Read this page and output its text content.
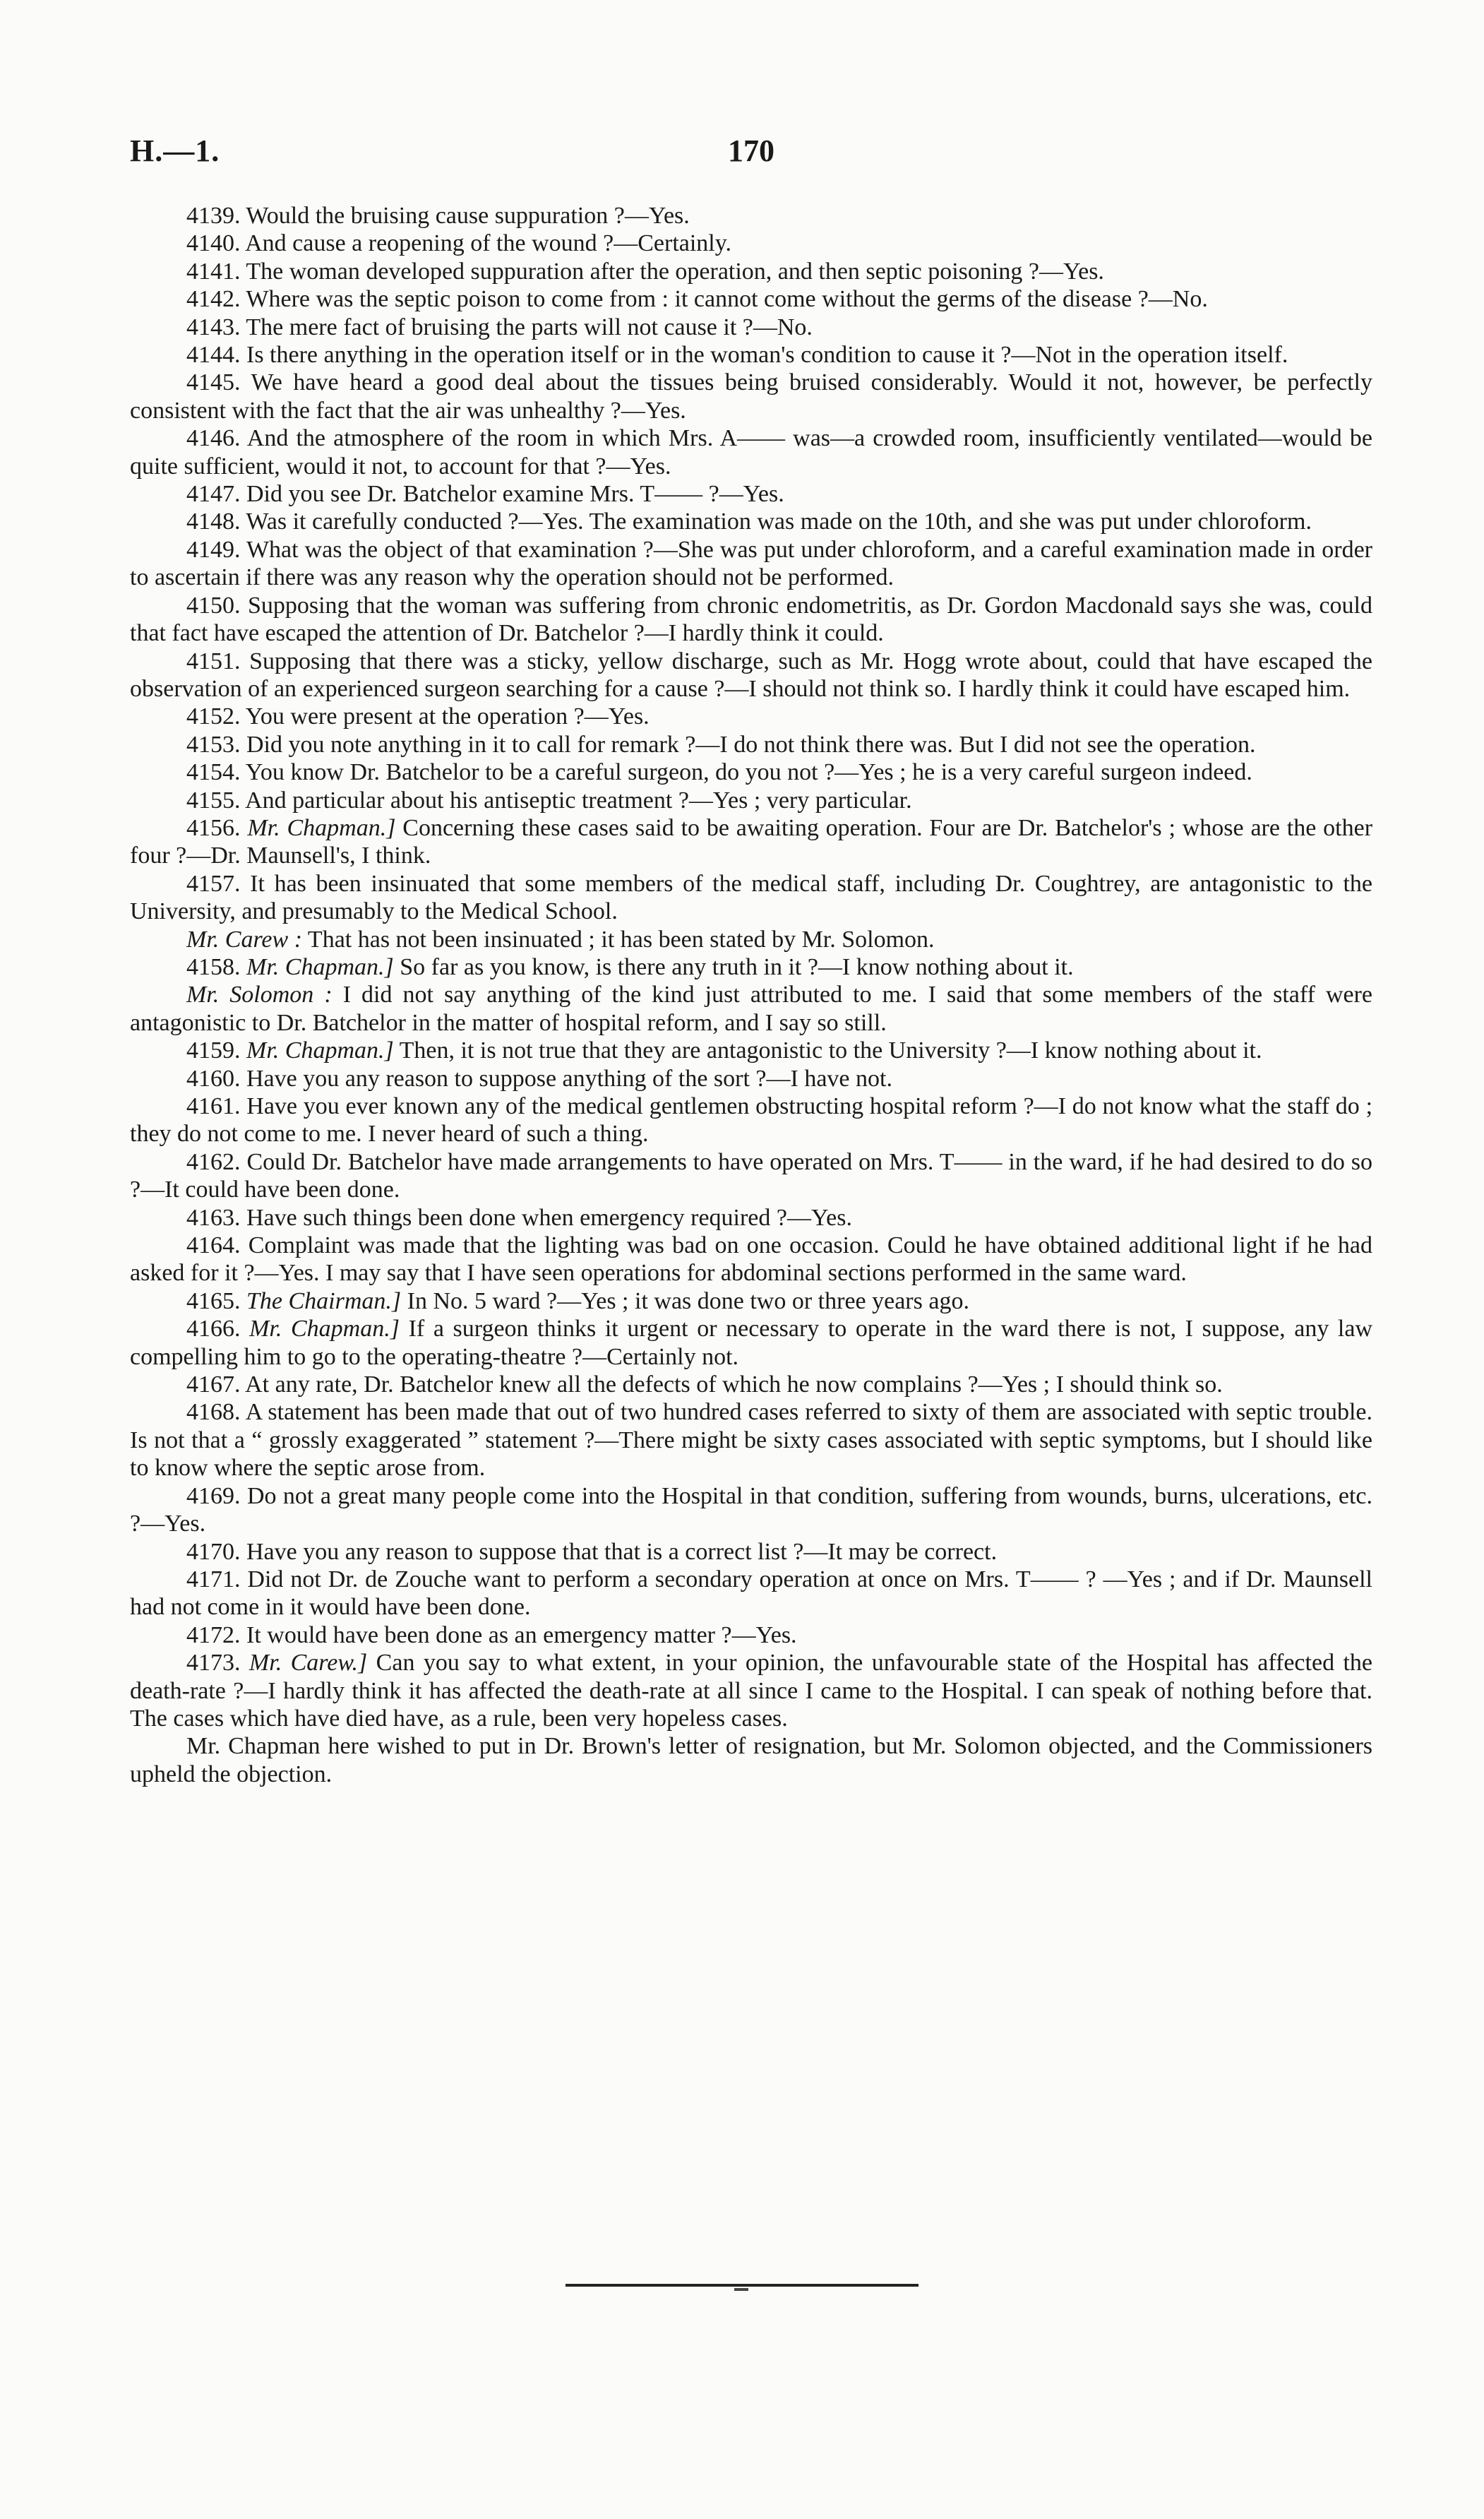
H.—1.	170

4139. Would the bruising cause suppuration ?—Yes.

4140. And cause a reopening of the wound ?—Certainly.

4141. The woman developed suppuration after the operation, and then septic poisoning ?—Yes.

4142. Where was the septic poison to come from : it cannot come without the germs of the disease ?—No.

4143. The mere fact of bruising the parts will not cause it ?—No.

4144. Is there anything in the operation itself or in the woman's condition to cause it ?—Not in the operation itself.

4145. We have heard a good deal about the tissues being bruised considerably. Would it not, however, be perfectly consistent with the fact that the air was unhealthy ?—Yes.

4146. And the atmosphere of the room in which Mrs. A—— was—a crowded room, insufficiently ventilated—would be quite sufficient, would it not, to account for that ?—Yes.

4147. Did you see Dr. Batchelor examine Mrs. T—— ?—Yes.

4148. Was it carefully conducted ?—Yes. The examination was made on the 10th, and she was put under chloroform.

4149. What was the object of that examination ?—She was put under chloroform, and a careful examination made in order to ascertain if there was any reason why the operation should not be performed.

4150. Supposing that the woman was suffering from chronic endometritis, as Dr. Gordon Macdonald says she was, could that fact have escaped the attention of Dr. Batchelor ?—I hardly think it could.

4151. Supposing that there was a sticky, yellow discharge, such as Mr. Hogg wrote about, could that have escaped the observation of an experienced surgeon searching for a cause ?—I should not think so. I hardly think it could have escaped him.

4152. You were present at the operation ?—Yes.

4153. Did you note anything in it to call for remark ?—I do not think there was. But I did not see the operation.

4154. You know Dr. Batchelor to be a careful surgeon, do you not ?—Yes ; he is a very careful surgeon indeed.

4155. And particular about his antiseptic treatment ?—Yes ; very particular.

4156. Mr. Chapman.] Concerning these cases said to be awaiting operation. Four are Dr. Batchelor's ; whose are the other four ?—Dr. Maunsell's, I think.

4157. It has been insinuated that some members of the medical staff, including Dr. Coughtrey, are antagonistic to the University, and presumably to the Medical School.

Mr. Carew : That has not been insinuated ; it has been stated by Mr. Solomon.

4158. Mr. Chapman.] So far as you know, is there any truth in it ?—I know nothing about it.

Mr. Solomon : I did not say anything of the kind just attributed to me. I said that some members of the staff were antagonistic to Dr. Batchelor in the matter of hospital reform, and I say so still.

4159. Mr. Chapman.] Then, it is not true that they are antagonistic to the University ?—I know nothing about it.

4160. Have you any reason to suppose anything of the sort ?—I have not.

4161. Have you ever known any of the medical gentlemen obstructing hospital reform ?—I do not know what the staff do ; they do not come to me. I never heard of such a thing.

4162. Could Dr. Batchelor have made arrangements to have operated on Mrs. T—— in the ward, if he had desired to do so ?—It could have been done.

4163. Have such things been done when emergency required ?—Yes.

4164. Complaint was made that the lighting was bad on one occasion. Could he have obtained additional light if he had asked for it ?—Yes. I may say that I have seen operations for abdominal sections performed in the same ward.

4165. The Chairman.] In No. 5 ward ?—Yes ; it was done two or three years ago.

4166. Mr. Chapman.] If a surgeon thinks it urgent or necessary to operate in the ward there is not, I suppose, any law compelling him to go to the operating-theatre ?—Certainly not.

4167. At any rate, Dr. Batchelor knew all the defects of which he now complains ?—Yes ; I should think so.

4168. A statement has been made that out of two hundred cases referred to sixty of them are associated with septic trouble. Is not that a “ grossly exaggerated ” statement ?—There might be sixty cases associated with septic symptoms, but I should like to know where the septic arose from.

4169. Do not a great many people come into the Hospital in that condition, suffering from wounds, burns, ulcerations, etc. ?—Yes.

4170. Have you any reason to suppose that that is a correct list ?—It may be correct.

4171. Did not Dr. de Zouche want to perform a secondary operation at once on Mrs. T—— ? —Yes ; and if Dr. Maunsell had not come in it would have been done.

4172. It would have been done as an emergency matter ?—Yes.

4173. Mr. Carew.] Can you say to what extent, in your opinion, the unfavourable state of the Hospital has affected the death-rate ?—I hardly think it has affected the death-rate at all since I came to the Hospital. I can speak of nothing before that. The cases which have died have, as a rule, been very hopeless cases.

Mr. Chapman here wished to put in Dr. Brown's letter of resignation, but Mr. Solomon objected, and the Commissioners upheld the objection.
